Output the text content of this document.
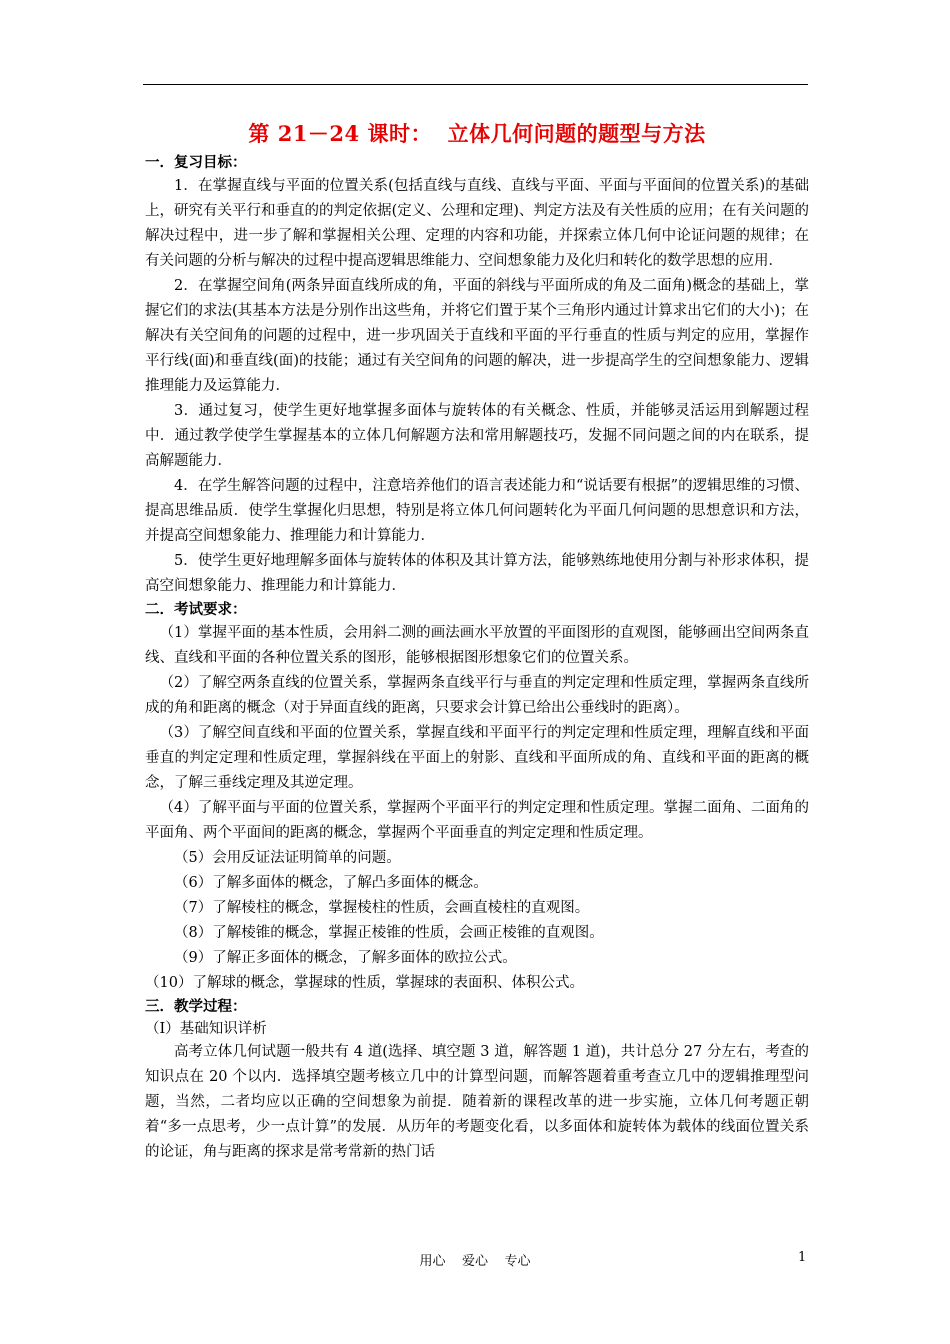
第 21－24 课时：  立体几何问题的题型与方法
一．复习目标：

1．在掌握直线与平面的位置关系(包括直线与直线、直线与平面、平面与平面间的位置关系)的基础上，研究有关平行和垂直的的判定依据(定义、公理和定理)、判定方法及有关性质的应用；在有关问题的解决过程中，进一步了解和掌握相关公理、定理的内容和功能，并探索立体几何中论证问题的规律；在有关问题的分析与解决的过程中提高逻辑思维能力、空间想象能力及化归和转化的数学思想的应用．

2．在掌握空间角(两条异面直线所成的角，平面的斜线与平面所成的角及二面角)概念的基础上，掌握它们的求法(其基本方法是分别作出这些角，并将它们置于某个三角形内通过计算求出它们的大小)；在解决有关空间角的问题的过程中，进一步巩固关于直线和平面的平行垂直的性质与判定的应用，掌握作平行线(面)和垂直线(面)的技能；通过有关空间角的问题的解决，进一步提高学生的空间想象能力、逻辑推理能力及运算能力．

3．通过复习，使学生更好地掌握多面体与旋转体的有关概念、性质，并能够灵活运用到解题过程中．通过教学使学生掌握基本的立体几何解题方法和常用解题技巧，发掘不同问题之间的内在联系，提高解题能力．

4．在学生解答问题的过程中，注意培养他们的语言表述能力和“说话要有根据”的逻辑思维的习惯、提高思维品质．使学生掌握化归思想，特别是将立体几何问题转化为平面几何问题的思想意识和方法，并提高空间想象能力、推理能力和计算能力．

5．使学生更好地理解多面体与旋转体的体积及其计算方法，能够熟练地使用分割与补形求体积，提高空间想象能力、推理能力和计算能力．

二．考试要求：

（1）掌握平面的基本性质，会用斜二测的画法画水平放置的平面图形的直观图，能够画出空间两条直线、直线和平面的各种位置关系的图形，能够根据图形想象它们的位置关系。

（2）了解空两条直线的位置关系，掌握两条直线平行与垂直的判定定理和性质定理，掌握两条直线所成的角和距离的概念（对于异面直线的距离，只要求会计算已给出公垂线时的距离）。

（3）了解空间直线和平面的位置关系，掌握直线和平面平行的判定定理和性质定理，理解直线和平面垂直的判定定理和性质定理，掌握斜线在平面上的射影、直线和平面所成的角、直线和平面的距离的概念，了解三垂线定理及其逆定理。

（4）了解平面与平面的位置关系，掌握两个平面平行的判定定理和性质定理。掌握二面角、二面角的平面角、两个平面间的距离的概念，掌握两个平面垂直的判定定理和性质定理。

（5）会用反证法证明简单的问题。

（6）了解多面体的概念，了解凸多面体的概念。

（7）了解棱柱的概念，掌握棱柱的性质，会画直棱柱的直观图。

（8）了解棱锥的概念，掌握正棱锥的性质，会画正棱锥的直观图。

（9）了解正多面体的概念，了解多面体的欧拉公式。

（10）了解球的概念，掌握球的性质，掌握球的表面积、体积公式。

三．教学过程：
（Ⅰ）基础知识详析

高考立体几何试题一般共有 4 道(选择、填空题 3 道，解答题 1 道)，共计总分 27 分左右，考查的知识点在 20 个以内．选择填空题考核立几中的计算型问题，而解答题着重考查立几中的逻辑推理型问题，当然，二者均应以正确的空间想象为前提．随着新的课程改革的进一步实施，立体几何考题正朝着“多一点思考，少一点计算”的发展．从历年的考题变化看，以多面体和旋转体为载体的线面位置关系的论证，角与距离的探求是常考常新的热门话

用心    爱心    专心	1
